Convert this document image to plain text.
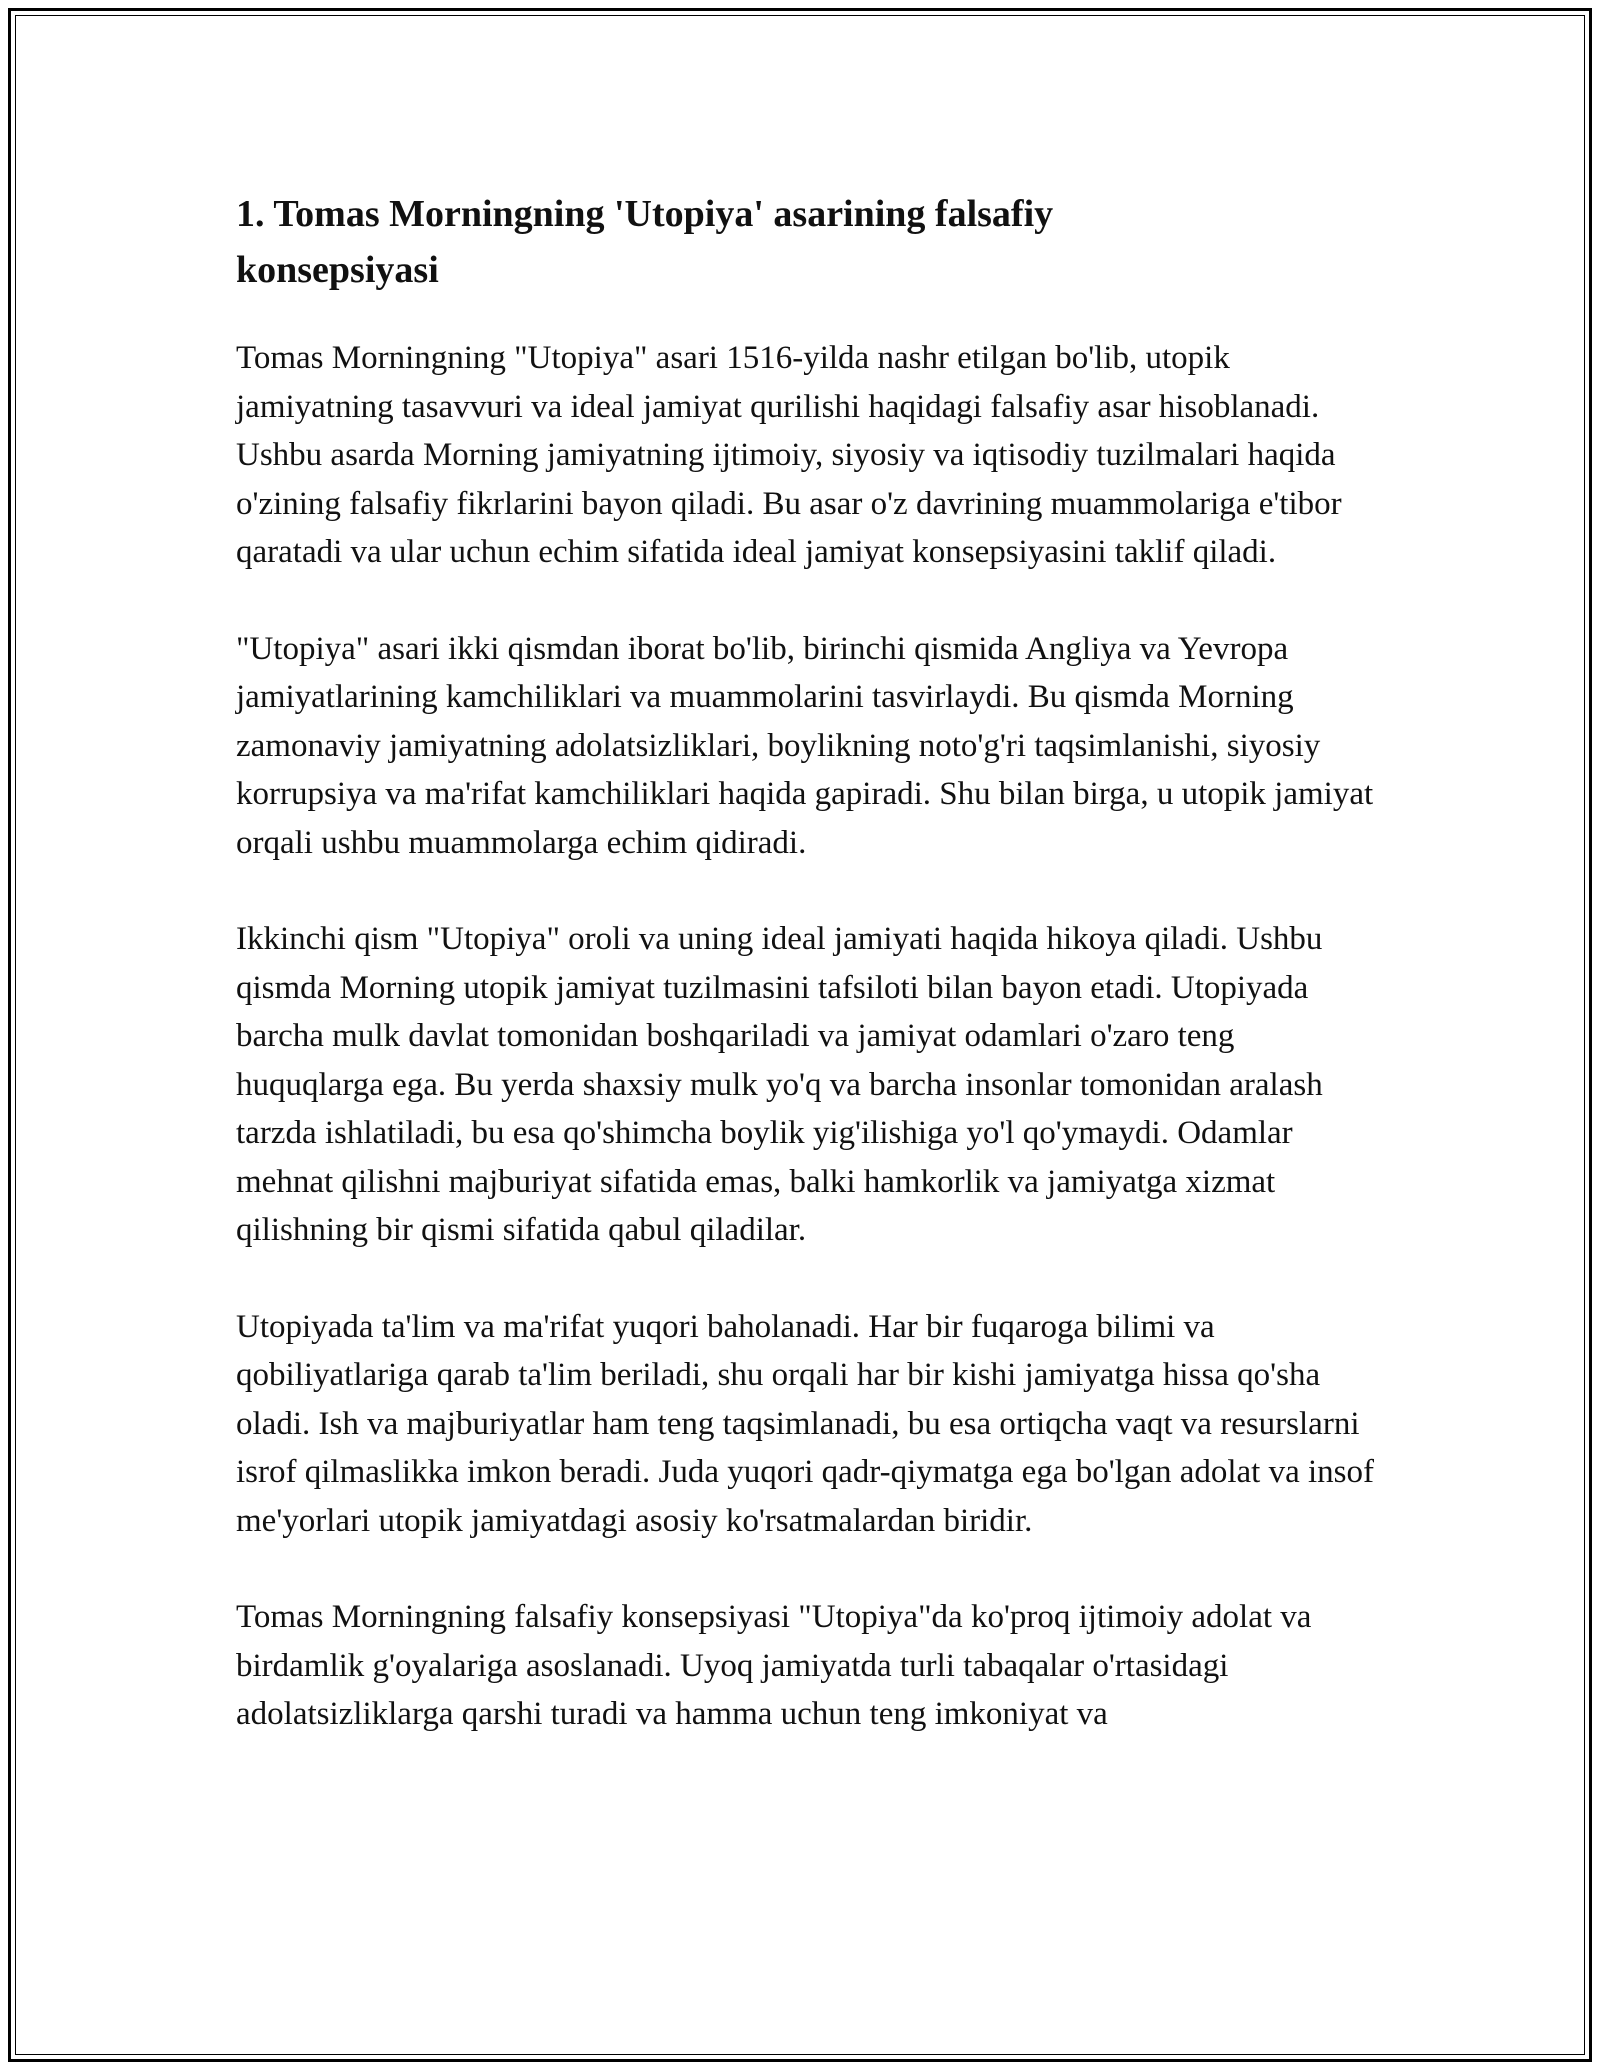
1. Tomas Morningning 'Utopiya' asarining falsafiy konsepsiyasi

Tomas Morningning "Utopiya" asari 1516-yilda nashr etilgan bo'lib, utopik jamiyatning tasavvuri va ideal jamiyat qurilishi haqidagi falsafiy asar hisoblanadi. Ushbu asarda Morning jamiyatning ijtimoiy, siyosiy va iqtisodiy tuzilmalari haqida o'zining falsafiy fikrlarini bayon qiladi. Bu asar o'z davrining muammolariga e'tibor qaratadi va ular uchun echim sifatida ideal jamiyat konsepsiyasini taklif qiladi.

"Utopiya" asari ikki qismdan iborat bo'lib, birinchi qismida Angliya va Yevropa jamiyatlarining kamchiliklari va muammolarini tasvirlaydi. Bu qismda Morning zamonaviy jamiyatning adolatsizliklari, boylikning noto'g'ri taqsimlanishi, siyosiy korrupsiya va ma'rifat kamchiliklari haqida gapiradi. Shu bilan birga, u utopik jamiyat orqali ushbu muammolarga echim qidiradi.

Ikkinchi qism "Utopiya" oroli va uning ideal jamiyati haqida hikoya qiladi. Ushbu qismda Morning utopik jamiyat tuzilmasini tafsiloti bilan bayon etadi. Utopiyada barcha mulk davlat tomonidan boshqariladi va jamiyat odamlari o'zaro teng huquqlarga ega. Bu yerda shaxsiy mulk yo'q va barcha insonlar tomonidan aralash tarzda ishlatiladi, bu esa qo'shimcha boylik yig'ilishiga yo'l qo'ymaydi. Odamlar mehnat qilishni majburiyat sifatida emas, balki hamkorlik va jamiyatga xizmat qilishning bir qismi sifatida qabul qiladilar.

Utopiyada ta'lim va ma'rifat yuqori baholanadi. Har bir fuqaroga bilimi va qobiliyatlariga qarab ta'lim beriladi, shu orqali har bir kishi jamiyatga hissa qo'sha oladi. Ish va majburiyatlar ham teng taqsimlanadi, bu esa ortiqcha vaqt va resurslarni isrof qilmaslikka imkon beradi. Juda yuqori qadr-qiymatga ega bo'lgan adolat va insof me'yorlari utopik jamiyatdagi asosiy ko'rsatmalardan biridir.

Tomas Morningning falsafiy konsepsiyasi "Utopiya"da ko'proq ijtimoiy adolat va birdamlik g'oyalariga asoslanadi. Uyoq jamiyatda turli tabaqalar o'rtasidagi adolatsizliklarga qarshi turadi va hamma uchun teng imkoniyat va
